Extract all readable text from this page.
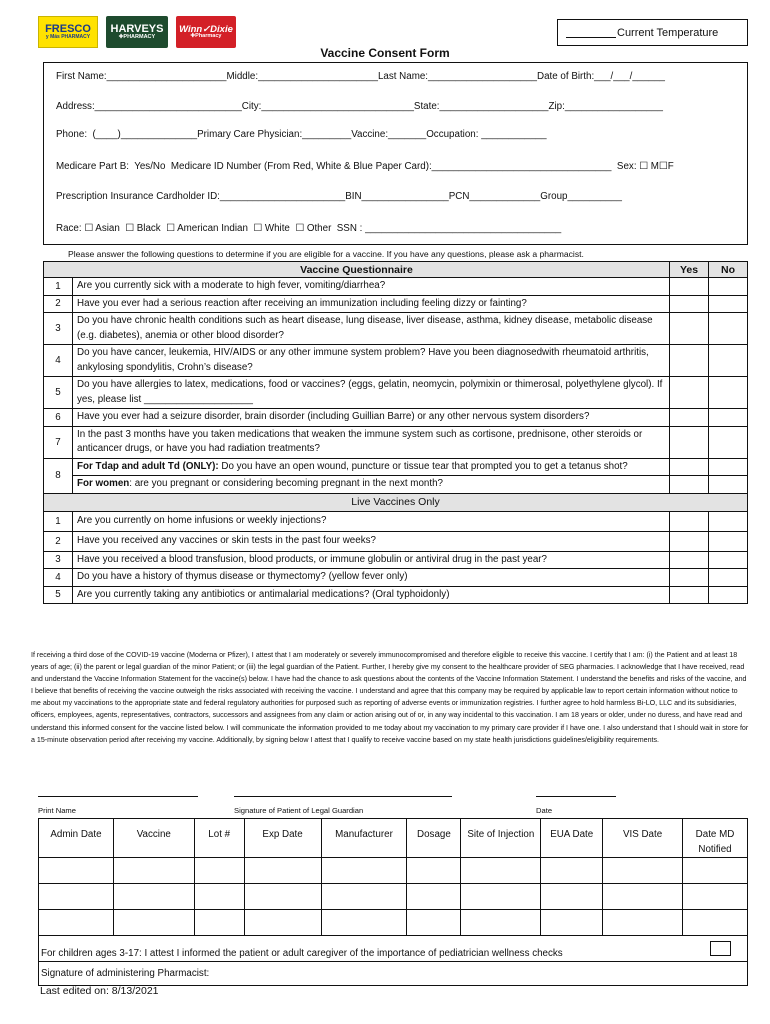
FRESCO
y Más PHARMACY
HARVEYS
✚PHARMACY
Winn✓Dixie
✚Pharmacy	Current Temperature
Vaccine Consent Form
First Name:______________________Middle:______________________Last Name:____________________Date of Birth:___/___/______
Address:___________________________City:____________________________State:____________________Zip:__________________
Phone:  (____)______________Primary Care Physician:_________Vaccine:_______Occupation: ____________
Medicare Part B:  Yes/No  Medicare ID Number (From Red, White & Blue Paper Card):_________________________________  Sex: ☐ M☐F
Prescription Insurance Cardholder ID:_______________________BIN________________PCN_____________Group__________
Race: ☐ Asian  ☐ Black  ☐ American Indian  ☐ White  ☐ Other  SSN : ____________________________________
Please answer the following questions to determine if you are eligible for a vaccine. If you have any questions, please ask a pharmacist.
Vaccine Questionnaire		Yes	No
1	Are you currently sick with a moderate to high fever, vomiting/diarrhea?		
2	Have you ever had a serious reaction after receiving an immunization including feeling dizzy or fainting?		
3	Do you have chronic health conditions such as heart disease, lung disease, liver disease, asthma, kidney disease, metabolic disease (e.g. diabetes), anemia or other blood disorder?		
4	Do you have cancer, leukemia, HIV/AIDS or any other immune system problem? Have you been diagnosedwith rheumatoid arthritis, ankylosing spondylitis, Crohn’s disease?		
5	Do you have allergies to latex, medications, food or vaccines? (eggs, gelatin, neomycin, polymixin or thimerosal, polyethylene glycol). If yes, please list ____________________		
6	Have you ever had a seizure disorder, brain disorder (including Guillian Barre) or any other nervous system disorders?		
7	In the past 3 months have you taken medications that weaken the immune system such as cortisone, prednisone, other steroids or anticancer drugs, or have you had radiation treatments?		
8	For Tdap and adult Td (ONLY): Do you have an open wound, puncture or tissue tear that prompted you to get a tetanus shot?		
	For women: are you pregnant or considering becoming pregnant in the next month?		
Live Vaccines Only			
1	Are you currently on home infusions or weekly injections?		
2	Have you received any vaccines or skin tests in the past four weeks?		
3	Have you received a blood transfusion, blood products, or immune globulin or antiviral drug in the past year?		
4	Do you have a history of thymus disease or thymectomy? (yellow fever only)		
5	Are you currently taking any antibiotics or antimalarial medications? (Oral typhoidonly)		
If receiving a third dose of the COVID-19 vaccine (Moderna or Pfizer), I attest that I am moderately or severely immunocompromised and therefore eligible to receive this vaccine. I certify that I am: (i) the Patient and at least 18 years of age; (ii) the parent or legal guardian of the minor Patient; or (iii) the legal guardian of the Patient. Further, I hereby give my consent to the healthcare provider of SEG pharmacies. I acknowledge that I have received, read and understand the Vaccine Information Statement for the vaccine(s) below. I have had the chance to ask questions about the contents of the Vaccine Information Statement. I understand the benefits and risks of the vaccine, and I believe that benefits of receiving the vaccine outweigh the risks associated with receiving the vaccine. I understand and agree that this company may be required by applicable law to report certain information without notice to me about my vaccinations to the appropriate state and federal regulatory authorities for purposed such as reporting of adverse events or immunization registries. I further agree to hold harmless Bi-LO, LLC and its subsidiaries, officers, employees, agents, representatives, contractors, successors and assignees from any claim or action arising out of or, in any way incidental to this vaccination. I am 18 years or older, under no duress, and have read and understand this informed consent for the vaccine listed below. I will communicate the information provided to me today about my vaccination to my primary care provider if I have one. I also understand that I should wait in store for a 15-minute observation period after receiving my vaccine. Additionally, by signing below I attest that I qualify to receive vaccine based on my state health jurisdictions guidelines/eligibility requirements.
Print Name	Signature of Patient of Legal Guardian	Date
Admin Date	Vaccine	Lot #	Exp Date	Manufacturer	Dosage	Site of Injection	EUA Date	VIS Date	Date MD Notified

For children ages 3-17: I attest I informed the patient or adult caregiver of the importance of pediatrician wellness checks									

Signature of administering Pharmacist:									
Last edited on: 8/13/2021
